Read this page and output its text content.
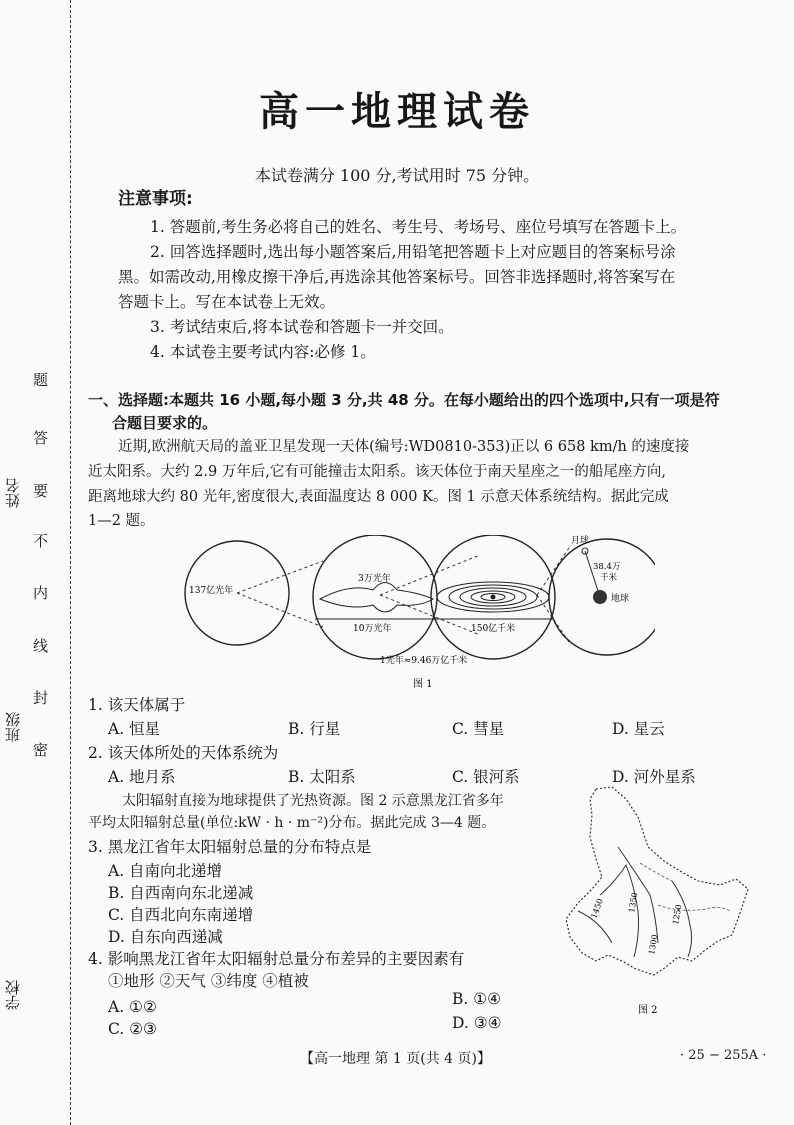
题
答
要
不
内
线
封
密
学校
班级
姓名
高一地理试卷
本试卷满分 100 分,考试用时 75 分钟。
注意事项:
1. 答题前,考生务必将自己的姓名、考生号、考场号、座位号填写在答题卡上。
2. 回答选择题时,选出每小题答案后,用铅笔把答题卡上对应题目的答案标号涂
黑。如需改动,用橡皮擦干净后,再选涂其他答案标号。回答非选择题时,将答案写在
答题卡上。写在本试卷上无效。
3. 考试结束后,将本试卷和答题卡一并交回。
4. 本试卷主要考试内容:必修 1。
一、选择题:本题共 16 小题,每小题 3 分,共 48 分。在每小题给出的四个选项中,只有一项是符
合题目要求的。
近期,欧洲航天局的盖亚卫星发现一天体(编号:WD0810-353)正以 6 658 km/h 的速度接
近太阳系。大约 2.9 万年后,它有可能撞击太阳系。该天体位于南天星座之一的船尾座方向,
距离地球大约 80 光年,密度很大,表面温度达 8 000 K。图 1 示意天体系统结构。据此完成
1—2 题。
137亿光年
3万光年
10万光年	150亿千米
月球
38.4万
千米
地球
1光年≈9.46万亿千米
图 1
1. 该天体属于
A. 恒星	B. 行星	C. 彗星	D. 星云
2. 该天体所处的天体系统为
A. 地月系	B. 太阳系	C. 银河系	D. 河外星系
太阳辐射直接为地球提供了光热资源。图 2 示意黑龙江省多年
平均太阳辐射总量(单位:kW · h · m⁻²)分布。据此完成 3—4 题。
3. 黑龙江省年太阳辐射总量的分布特点是
A. 自南向北递增
B. 自西南向东北递减
C. 自西北向东南递增
D. 自东向西递减
4. 影响黑龙江省年太阳辐射总量分布差异的主要因素有
①地形 ②天气 ③纬度 ④植被
A. ①②	B. ①④
C. ②③	D. ③④
1450	1350
1250
1300
图 2
【高一地理 第 1 页(共 4 页)】	· 25 − 255A ·
